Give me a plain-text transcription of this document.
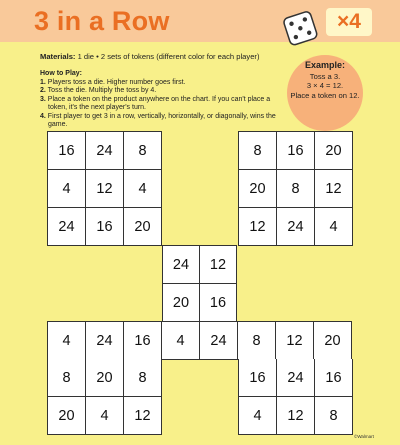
3 in a Row	×4
Materials: 1 die • 2 sets of tokens (different color for each player)
How to Play:
1. Players toss a die. Higher number goes first.
2. Toss the die. Multiply the toss by 4.
3. Place a token on the product anywhere on the chart. If you can't place a token, it's the next player's turn.
4. First player to get 3 in a row, vertically, horizontally, or diagonally, wins the game.
Example:
Toss a 3.
3 × 4 = 12.
Place a token on 12.
16	24	8
4	12	4
24	16	20
8	16	20
20	8	12
12	24	4
24	12
20	16
4	24	16	4	24	8	12	20
8	20	8
20	4	12
16	24	16
4	12	8
©Walmart
